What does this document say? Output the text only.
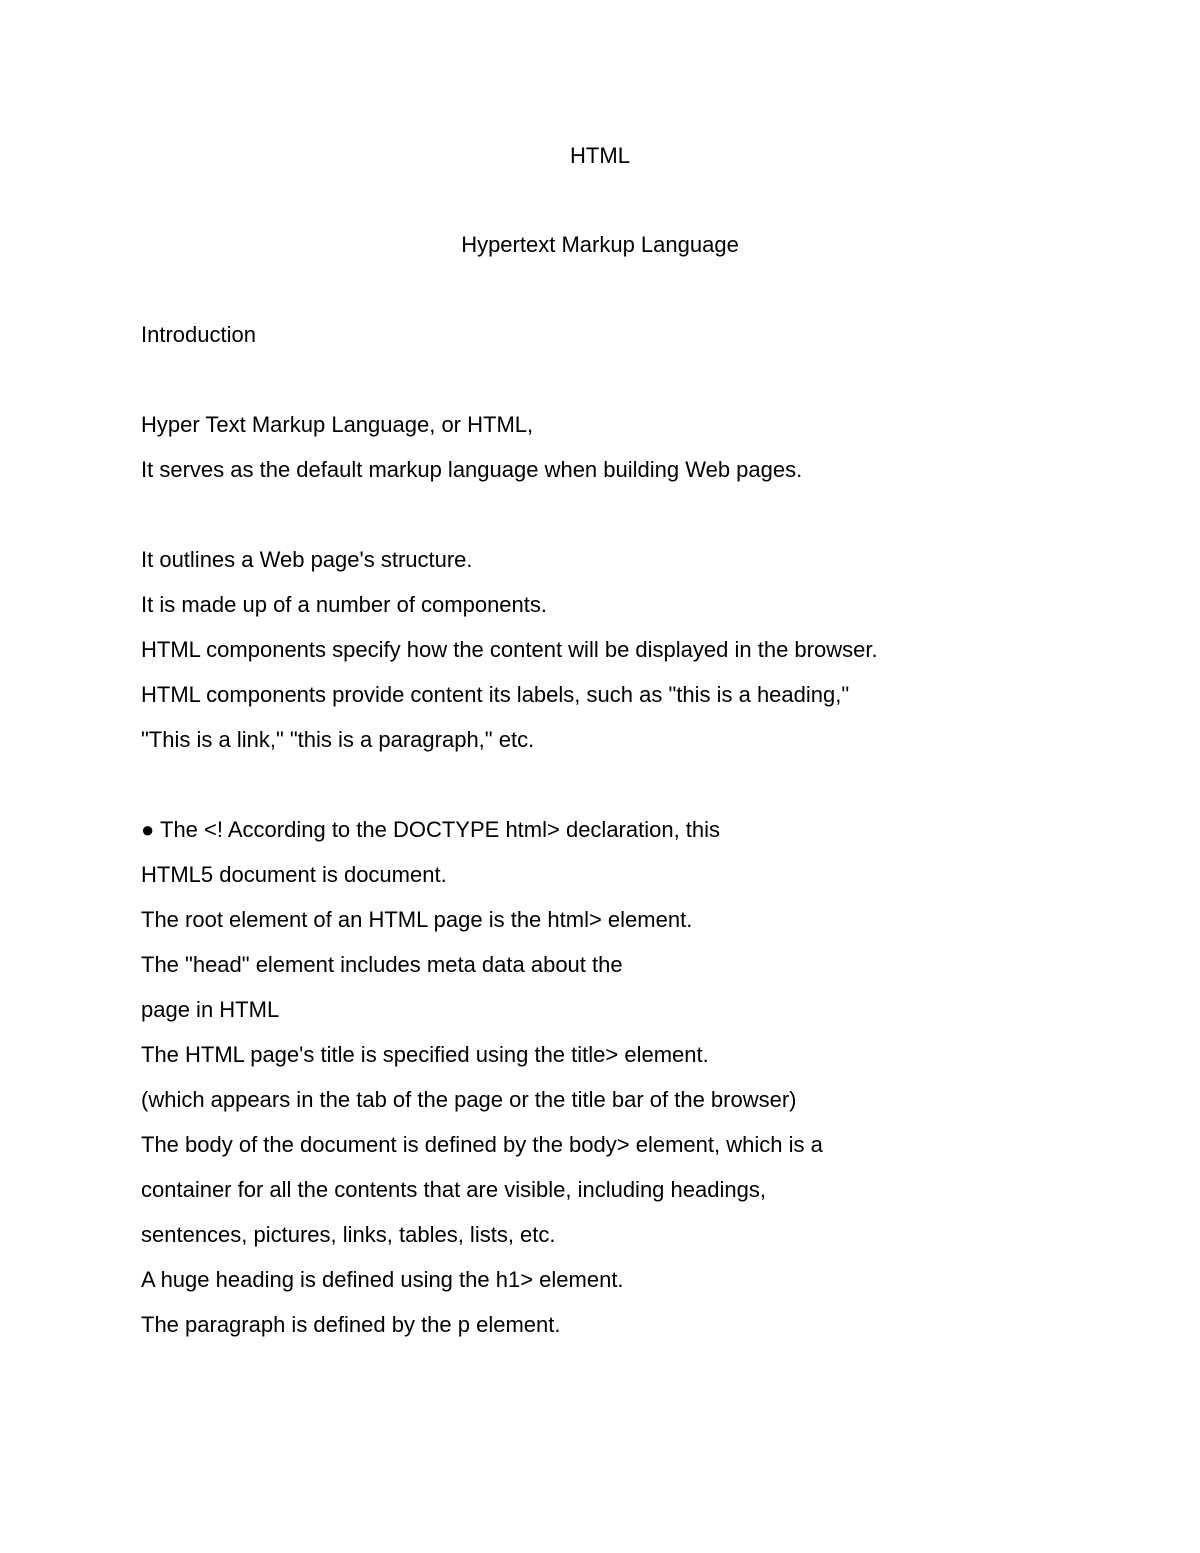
HTML
Hypertext Markup Language
Introduction
Hyper Text Markup Language, or HTML,
It serves as the default markup language when building Web pages.
It outlines a Web page's structure.
It is made up of a number of components.
HTML components specify how the content will be displayed in the browser.
HTML components provide content its labels, such as "this is a heading,"
"This is a link," "this is a paragraph," etc.
● The <! According to the DOCTYPE html> declaration, this
HTML5 document is document.
The root element of an HTML page is the html> element.
The "head" element includes meta data about the
page in HTML
The HTML page's title is specified using the title> element.
(which appears in the tab of the page or the title bar of the browser)
The body of the document is defined by the body> element, which is a
container for all the contents that are visible, including headings,
sentences, pictures, links, tables, lists, etc.
A huge heading is defined using the h1> element.
The paragraph is defined by the p element.
